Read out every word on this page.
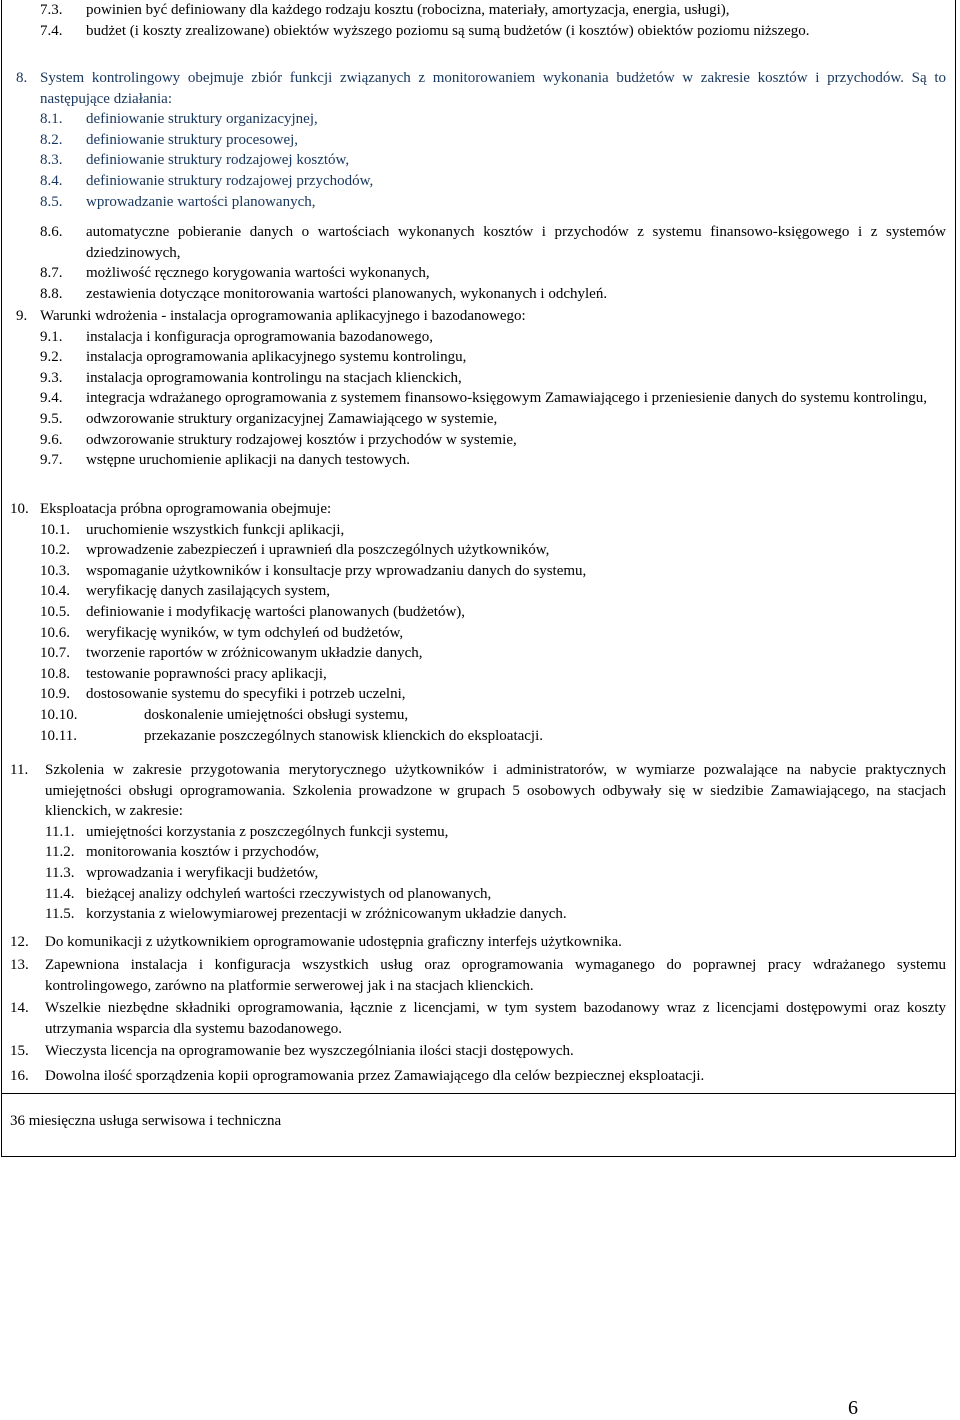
7.3.	powinien być definiowany dla każdego rodzaju kosztu (robocizna, materiały, amortyzacja, energia, usługi),
7.4.	budżet (i koszty zrealizowane) obiektów wyższego poziomu są sumą budżetów (i kosztów) obiektów poziomu niższego.
8. System kontrolingowy obejmuje zbiór funkcji związanych z monitorowaniem wykonania budżetów w zakresie kosztów i przychodów. Są to następujące działania:
8.1.	definiowanie struktury organizacyjnej,
8.2.	definiowanie struktury procesowej,
8.3.	definiowanie struktury rodzajowej kosztów,
8.4.	definiowanie struktury rodzajowej przychodów,
8.5.	wprowadzanie wartości planowanych,
8.6.	automatyczne pobieranie danych o wartościach wykonanych kosztów i przychodów z systemu finansowo-księgowego i z systemów dziedzinowych,
8.7.	możliwość ręcznego korygowania wartości wykonanych,
8.8.	zestawienia dotyczące monitorowania wartości planowanych, wykonanych i odchyleń.
9. Warunki wdrożenia - instalacja oprogramowania aplikacyjnego i bazodanowego:
9.1.	instalacja i konfiguracja oprogramowania bazodanowego,
9.2.	instalacja oprogramowania aplikacyjnego systemu kontrolingu,
9.3.	instalacja oprogramowania kontrolingu na stacjach klienckich,
9.4.	integracja wdrażanego oprogramowania z systemem finansowo-księgowym Zamawiającego i przeniesienie danych do systemu kontrolingu,
9.5.	odwzorowanie struktury organizacyjnej Zamawiającego w systemie,
9.6.	odwzorowanie struktury rodzajowej kosztów i przychodów w systemie,
9.7.	wstępne uruchomienie aplikacji na danych testowych.
10. Eksploatacja próbna oprogramowania obejmuje:
10.1.	uruchomienie wszystkich funkcji aplikacji,
10.2.	wprowadzenie zabezpieczeń i uprawnień dla poszczególnych użytkowników,
10.3.	wspomaganie użytkowników i konsultacje przy wprowadzaniu danych do systemu,
10.4.	weryfikację danych zasilających system,
10.5.	definiowanie i modyfikację wartości planowanych (budżetów),
10.6.	weryfikację wyników, w tym odchyleń od budżetów,
10.7.	tworzenie raportów w zróżnicowanym układzie danych,
10.8.	testowanie poprawności pracy aplikacji,
10.9.	dostosowanie systemu do specyfiki i potrzeb uczelni,
10.10.	doskonalenie umiejętności obsługi systemu,
10.11.	przekazanie poszczególnych stanowisk klienckich do eksploatacji.
11.	Szkolenia w zakresie przygotowania merytorycznego użytkowników i administratorów, w wymiarze pozwalające na nabycie praktycznych umiejętności obsługi oprogramowania. Szkolenia prowadzone w grupach 5 osobowych odbywały się w siedzibie Zamawiającego, na stacjach klienckich, w zakresie:
11.1. umiejętności korzystania z poszczególnych funkcji systemu,
11.2. monitorowania kosztów i przychodów,
11.3. wprowadzania i weryfikacji budżetów,
11.4. bieżącej analizy odchyleń wartości rzeczywistych od planowanych,
11.5. korzystania z wielowymiarowej prezentacji w zróżnicowanym układzie danych.
12.	Do komunikacji z użytkownikiem oprogramowanie udostępnia graficzny interfejs użytkownika.
13.	Zapewniona instalacja i konfiguracja wszystkich usług oraz oprogramowania wymaganego do poprawnej pracy wdrażanego systemu kontrolingowego, zarówno na platformie serwerowej jak i na stacjach klienckich.
14.	Wszelkie niezbędne składniki oprogramowania, łącznie z licencjami, w tym system bazodanowy wraz z licencjami dostępowymi oraz koszty utrzymania wsparcia dla systemu bazodanowego.
15.	Wieczysta licencja na oprogramowanie bez wyszczególniania ilości stacji dostępowych.
16.	Dowolna ilość sporządzenia kopii oprogramowania przez Zamawiającego dla celów bezpiecznej eksploatacji.
36 miesięczna usługa serwisowa i techniczna
6
